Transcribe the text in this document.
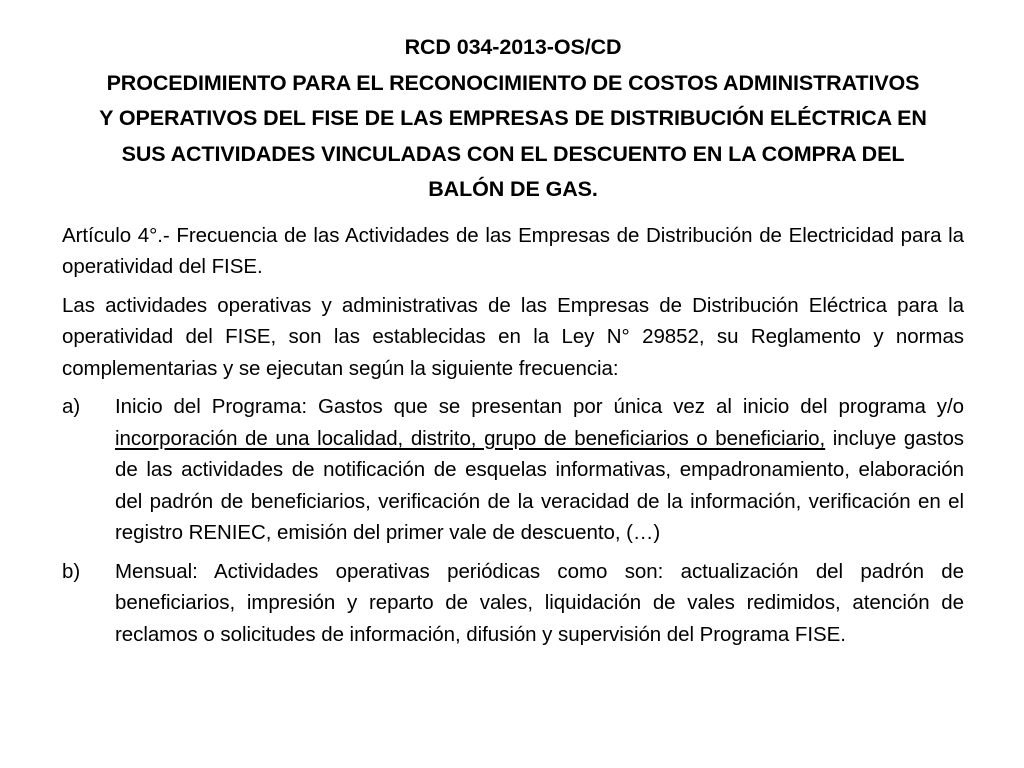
RCD 034-2013-OS/CD
PROCEDIMIENTO PARA EL RECONOCIMIENTO DE COSTOS ADMINISTRATIVOS
Y OPERATIVOS DEL FISE DE LAS EMPRESAS DE DISTRIBUCIÓN ELÉCTRICA EN
SUS ACTIVIDADES VINCULADAS CON EL DESCUENTO EN LA COMPRA DEL
BALÓN DE GAS.

Artículo 4°.- Frecuencia de las Actividades de las Empresas de Distribución de Electricidad para la operatividad del FISE.

Las actividades operativas y administrativas de las Empresas de Distribución Eléctrica para la operatividad del FISE, son las establecidas en la Ley N° 29852, su Reglamento y normas complementarias y se ejecutan según la siguiente frecuencia:

a) Inicio del Programa: Gastos que se presentan por única vez al inicio del programa y/o incorporación de una localidad, distrito, grupo de beneficiarios o beneficiario, incluye gastos de las actividades de notificación de esquelas informativas, empadronamiento, elaboración del padrón de beneficiarios, verificación de la veracidad de la información, verificación en el registro RENIEC, emisión del primer vale de descuento, (…)
b) Mensual: Actividades operativas periódicas como son: actualización del padrón de beneficiarios, impresión y reparto de vales, liquidación de vales redimidos, atención de reclamos o solicitudes de información, difusión y supervisión del Programa FISE.
